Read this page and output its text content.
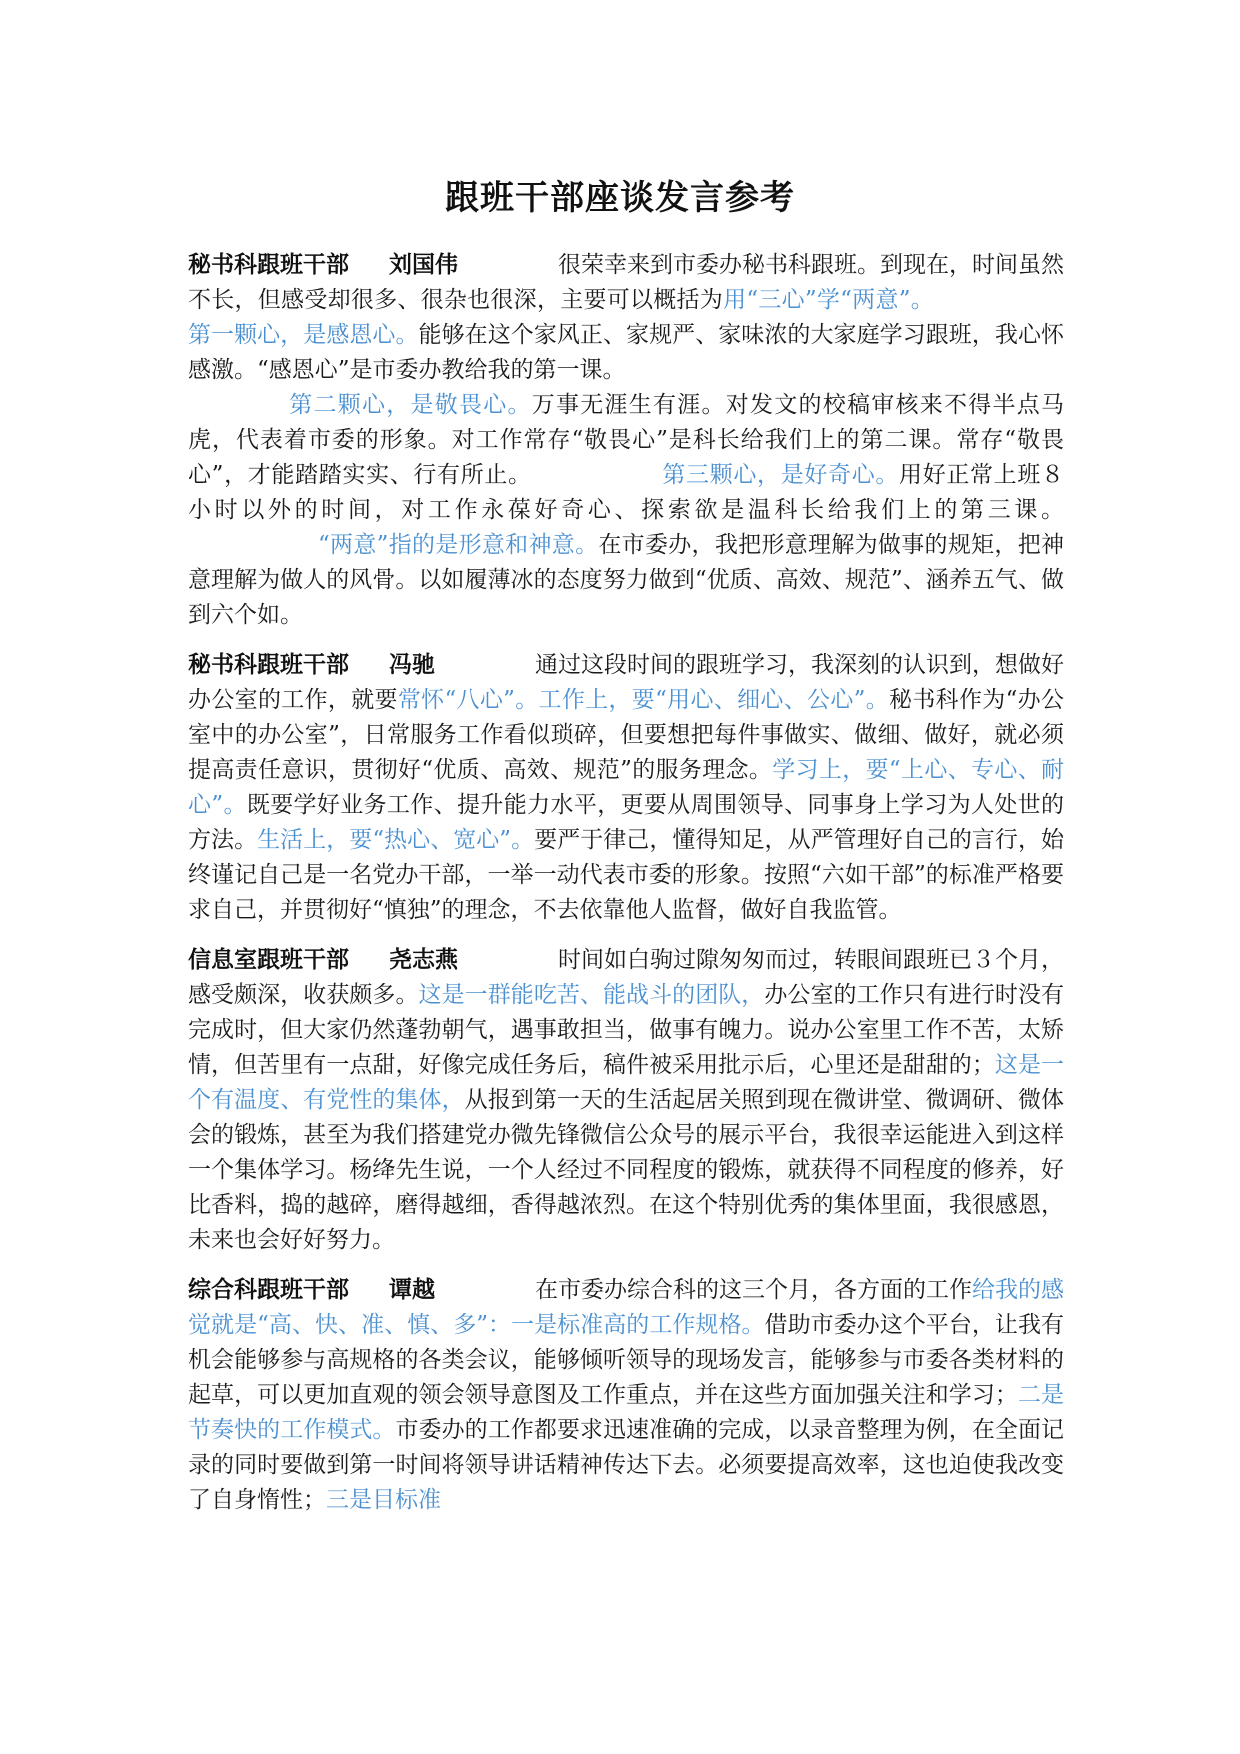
跟班干部座谈发言参考

秘书科跟班干部 刘国伟	很荣幸来到市委办秘书科跟班。到现在，时间虽然不长，但感受却很多、很杂也很深，主要可以概括为用“三心”学“两意”。第一颗心，是感恩心。能够在这个家风正、家规严、家味浓的大家庭学习跟班，我心怀感激。“感恩心”是市委办教给我的第一课。
第二颗心，是敬畏心。万事无涯生有涯。对发文的校稿审核来不得半点马虎，代表着市委的形象。对工作常存“敬畏心”是科长给我们上的第二课。常存“敬畏心”，才能踏踏实实、行有所止。	第三颗心，是好奇心。用好正常上班８小时以外的时间，对工作永葆好奇心、探索欲是温科长给我们上的第三课。“两意”指的是形意和神意。在市委办，我把形意理解为做事的规矩，把神意理解为做人的风骨。以如履薄冰的态度努力做到“优质、高效、规范”、涵养五气、做到六个如。

秘书科跟班干部 冯驰	通过这段时间的跟班学习，我深刻的认识到，想做好办公室的工作，就要常怀“八心”。工作上，要“用心、细心、公心”。秘书科作为“办公室中的办公室”，日常服务工作看似琐碎，但要想把每件事做实、做细、做好，就必须提高责任意识，贯彻好“优质、高效、规范”的服务理念。学习上，要“上心、专心、耐心”。既要学好业务工作、提升能力水平，更要从周围领导、同事身上学习为人处世的方法。生活上，要“热心、宽心”。要严于律己，懂得知足，从严管理好自己的言行，始终谨记自己是一名党办干部，一举一动代表市委的形象。按照“六如干部”的标准严格要求自己，并贯彻好“慎独”的理念，不去依靠他人监督，做好自我监管。

信息室跟班干部 尧志燕	时间如白驹过隙匆匆而过，转眼间跟班已３个月，感受颇深，收获颇多。这是一群能吃苦、能战斗的团队，办公室的工作只有进行时没有完成时，但大家仍然蓬勃朝气，遇事敢担当，做事有魄力。说办公室里工作不苦，太矫情，但苦里有一点甜，好像完成任务后，稿件被采用批示后，心里还是甜甜的；这是一个有温度、有党性的集体，从报到第一天的生活起居关照到现在微讲堂、微调研、微体会的锻炼，甚至为我们搭建党办微先锋微信公众号的展示平台，我很幸运能进入到这样一个集体学习。杨绛先生说，一个人经过不同程度的锻炼，就获得不同程度的修养，好比香料，捣的越碎，磨得越细，香得越浓烈。在这个特别优秀的集体里面，我很感恩，未来也会好好努力。

综合科跟班干部 谭越	在市委办综合科的这三个月，各方面的工作给我的感觉就是“高、快、准、慎、多”：一是标准高的工作规格。借助市委办这个平台，让我有机会能够参与高规格的各类会议，能够倾听领导的现场发言，能够参与市委各类材料的起草，可以更加直观的领会领导意图及工作重点，并在这些方面加强关注和学习；二是节奏快的工作模式。市委办的工作都要求迅速准确的完成，以录音整理为例，在全面记录的同时要做到第一时间将领导讲话精神传达下去。必须要提高效率，这也迫使我改变了自身惰性；三是目标准
